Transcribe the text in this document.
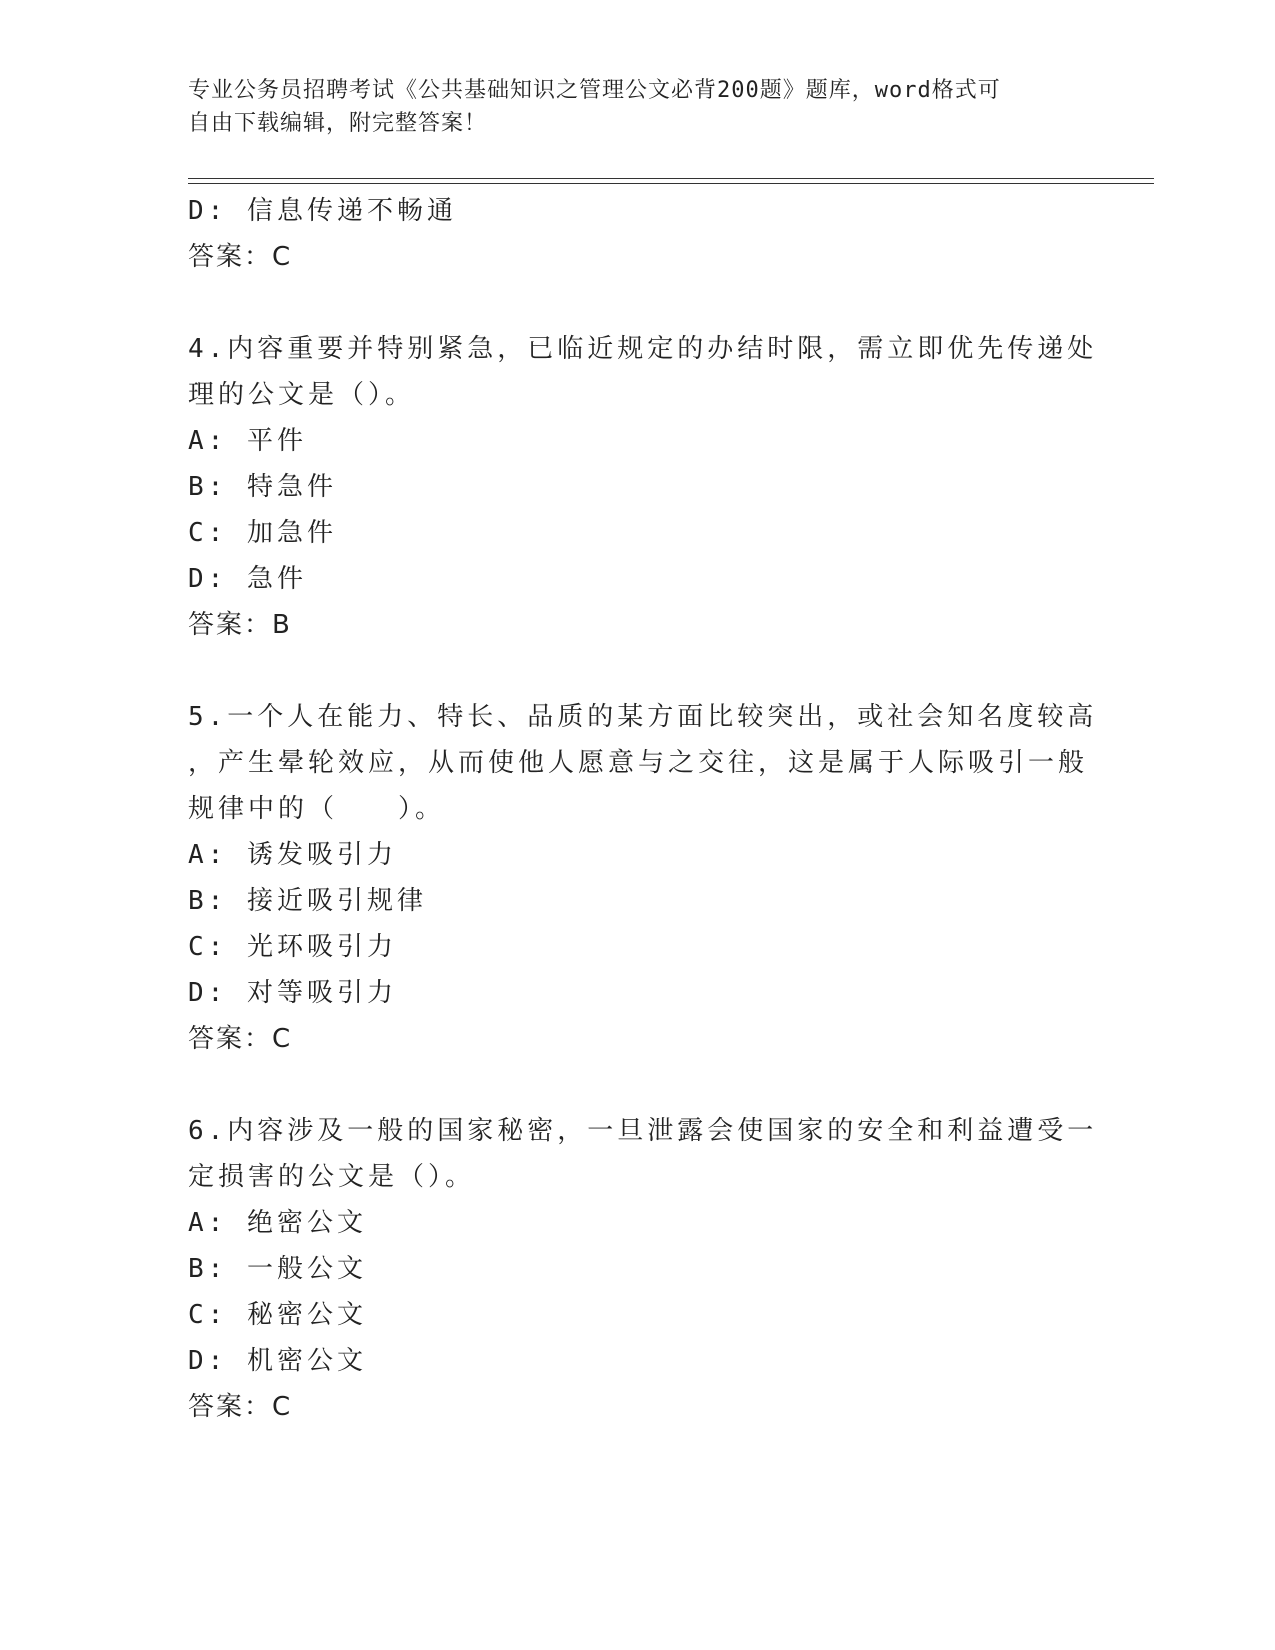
专业公务员招聘考试《公共基础知识之管理公文必背200题》题库，word格式可
自由下载编辑，附完整答案！
D: 信息传递不畅通
答案：C
4.内容重要并特别紧急，已临近规定的办结时限，需立即优先传递处
理的公文是（）。
A: 平件
B: 特急件
C: 加急件
D: 急件
答案：B
5.一个人在能力、特长、品质的某方面比较突出，或社会知名度较高
，产生晕轮效应，从而使他人愿意与之交往，这是属于人际吸引一般
规律中的（　　）。
A: 诱发吸引力
B: 接近吸引规律
C: 光环吸引力
D: 对等吸引力
答案：C
6.内容涉及一般的国家秘密，一旦泄露会使国家的安全和利益遭受一
定损害的公文是（）。
A: 绝密公文
B: 一般公文
C: 秘密公文
D: 机密公文
答案：C
